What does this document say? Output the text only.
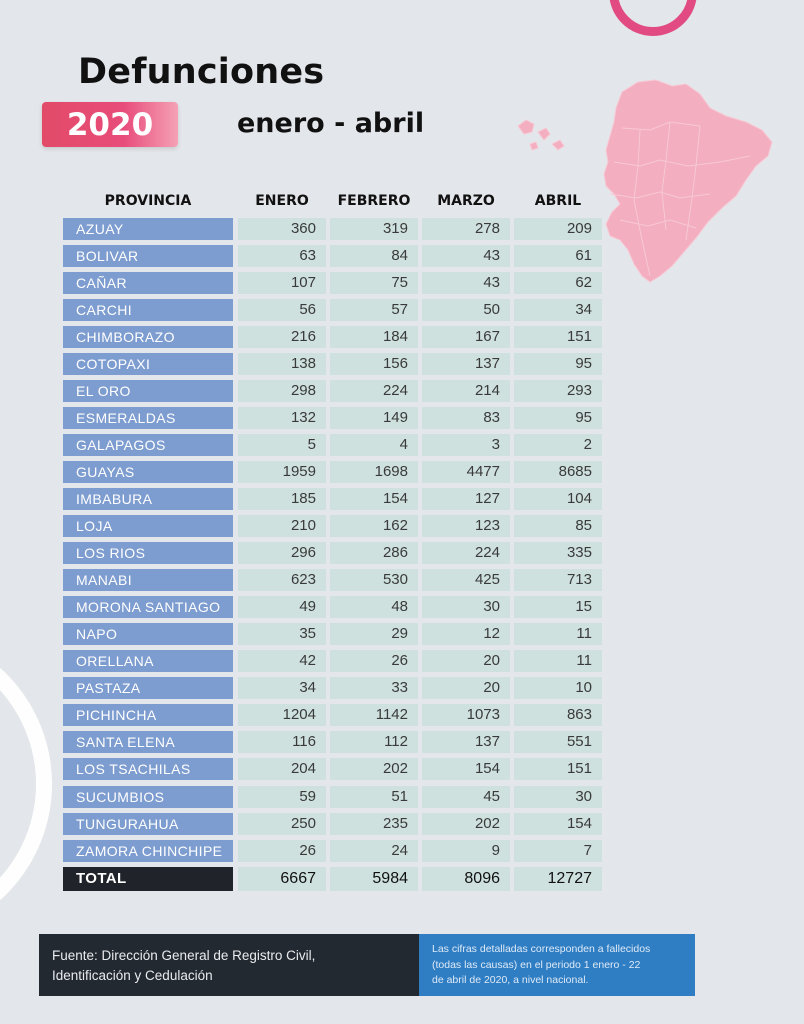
Defunciones
2020	enero - abril
PROVINCIA	ENERO	FEBRERO	MARZO	ABRIL
AZUAY	360	319	278	209
BOLIVAR	63	84	43	61
CAÑAR	107	75	43	62
CARCHI	56	57	50	34
CHIMBORAZO	216	184	167	151
COTOPAXI	138	156	137	95
EL ORO	298	224	214	293
ESMERALDAS	132	149	83	95
GALAPAGOS	5	4	3	2
GUAYAS	1959	1698	4477	8685
IMBABURA	185	154	127	104
LOJA	210	162	123	85
LOS RIOS	296	286	224	335
MANABI	623	530	425	713
MORONA SANTIAGO	49	48	30	15
NAPO	35	29	12	11
ORELLANA	42	26	20	11
PASTAZA	34	33	20	10
PICHINCHA	1204	1142	1073	863
SANTA ELENA	116	112	137	551
LOS TSACHILAS	204	202	154	151
SUCUMBIOS	59	51	45	30
TUNGURAHUA	250	235	202	154
ZAMORA CHINCHIPE	26	24	9	7
TOTAL	6667	5984	8096	12727
Fuente: Dirección General de Registro Civil,
Identificación y Cedulación
Las cifras detalladas corresponden a fallecidos
(todas las causas) en el periodo 1 enero - 22
de abril de 2020, a nivel nacional.
